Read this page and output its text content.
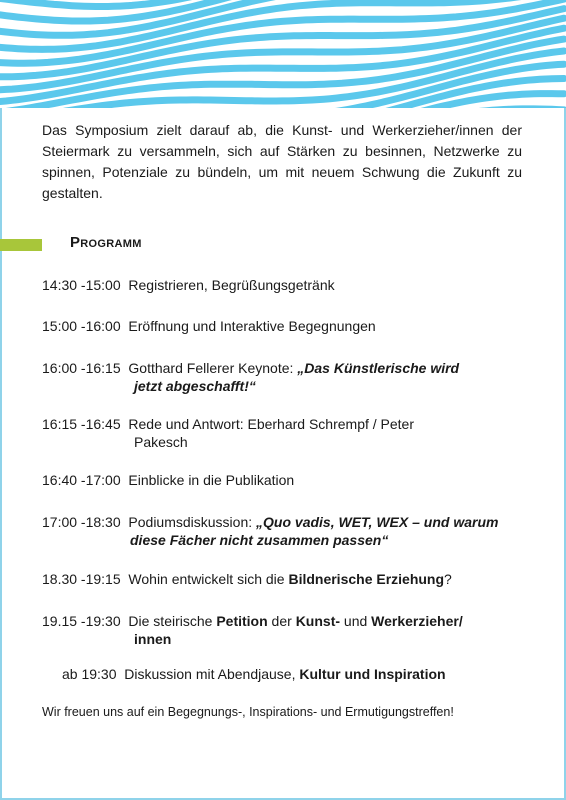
Das Symposium zielt darauf ab, die Kunst- und Werkerzieher/innen der Steiermark zu versammeln, sich auf Stärken zu besinnen, Netzwerke zu spinnen, Potenziale zu bündeln, um mit neuem Schwung die Zukunft zu gestalten.

Programm
14:30 -15:00 Registrieren, Begrüßungsgetränk
15:00 -16:00 Eröffnung und Interaktive Begegnungen
16:00 -16:15 Gotthard Fellerer Keynote: „Das Künstlerische wird
jetzt abgeschafft!“
16:15 -16:45 Rede und Antwort: Eberhard Schrempf / Peter
Pakesch
16:40 -17:00 Einblicke in die Publikation
17:00 -18:30 Podiumsdiskussion: „Quo vadis, WET, WEX – und warum
diese Fächer nicht zusammen passen“
18.30 -19:15 Wohin entwickelt sich die Bildnerische Erziehung?
19.15 -19:30 Die steirische Petition der Kunst- und Werkerzieher/
innen
ab 19:30 Diskussion mit Abendjause, Kultur und Inspiration

Wir freuen uns auf ein Begegnungs-, Inspirations- und Ermutigungstreffen!
